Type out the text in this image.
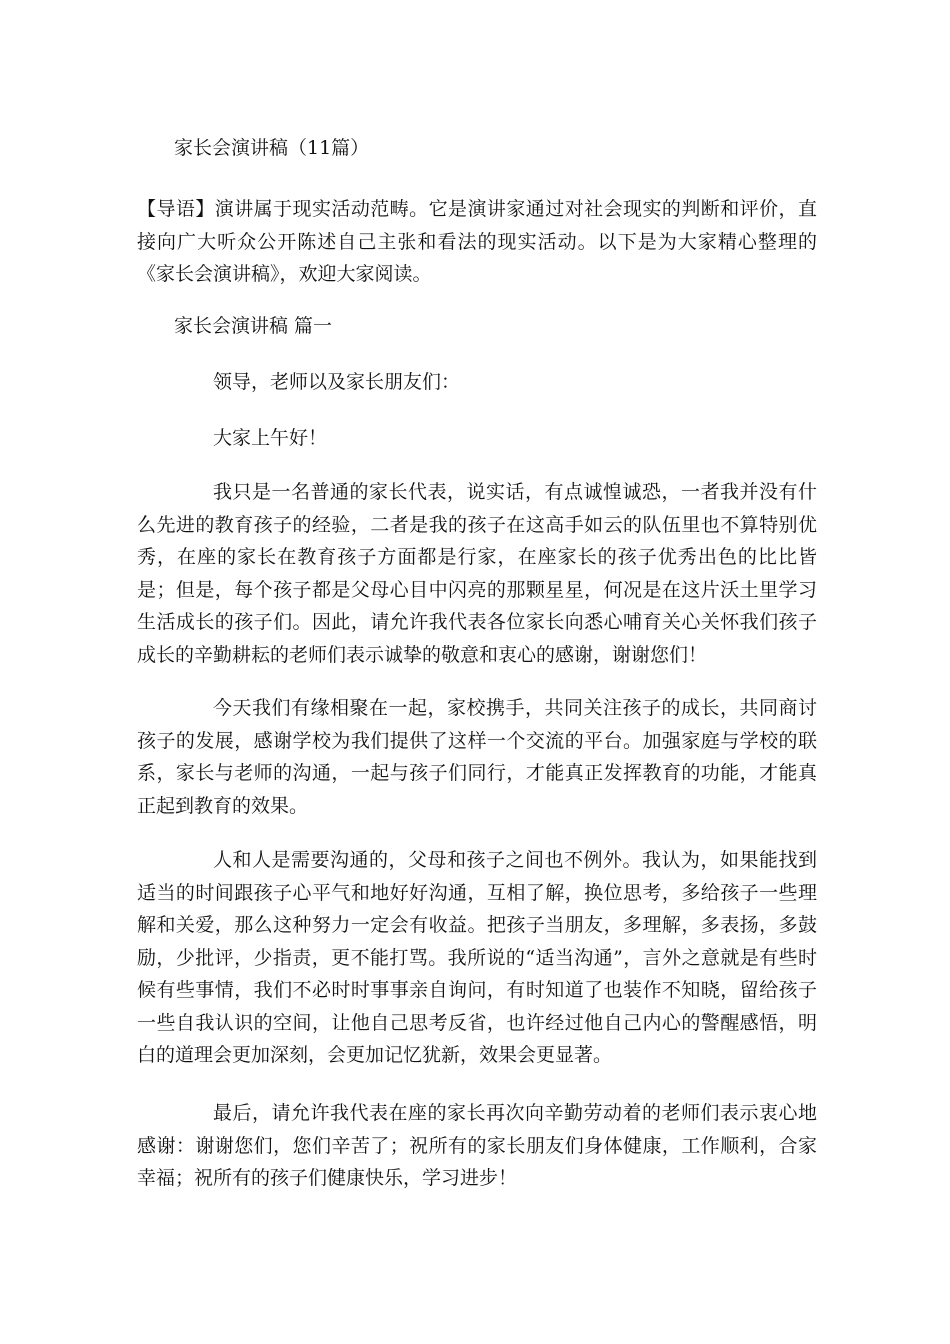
家长会演讲稿（11篇）
【导语】演讲属于现实活动范畴。它是演讲家通过对社会现实的判断和评价，直接向广大听众公开陈述自己主张和看法的现实活动。以下是为大家精心整理的《家长会演讲稿》，欢迎大家阅读。
家长会演讲稿 篇一
领导，老师以及家长朋友们：
大家上午好！
我只是一名普通的家长代表，说实话，有点诚惶诚恐，一者我并没有什么先进的教育孩子的经验，二者是我的孩子在这高手如云的队伍里也不算特别优秀，在座的家长在教育孩子方面都是行家，在座家长的孩子优秀出色的比比皆是；但是，每个孩子都是父母心目中闪亮的那颗星星，何况是在这片沃土里学习生活成长的孩子们。因此，请允许我代表各位家长向悉心哺育关心关怀我们孩子成长的辛勤耕耘的老师们表示诚挚的敬意和衷心的感谢，谢谢您们！
今天我们有缘相聚在一起，家校携手，共同关注孩子的成长，共同商讨孩子的发展，感谢学校为我们提供了这样一个交流的平台。加强家庭与学校的联系，家长与老师的沟通，一起与孩子们同行，才能真正发挥教育的功能，才能真正起到教育的效果。
人和人是需要沟通的，父母和孩子之间也不例外。我认为，如果能找到适当的时间跟孩子心平气和地好好沟通，互相了解，换位思考，多给孩子一些理解和关爱，那么这种努力一定会有收益。把孩子当朋友，多理解，多表扬，多鼓励，少批评，少指责，更不能打骂。我所说的“适当沟通”，言外之意就是有些时候有些事情，我们不必时时事事亲自询问，有时知道了也装作不知晓，留给孩子一些自我认识的空间，让他自己思考反省，也许经过他自己内心的警醒感悟，明白的道理会更加深刻，会更加记忆犹新，效果会更显著。
最后，请允许我代表在座的家长再次向辛勤劳动着的老师们表示衷心地感谢：谢谢您们，您们辛苦了；祝所有的家长朋友们身体健康，工作顺利，合家幸福；祝所有的孩子们健康快乐，学习进步！
